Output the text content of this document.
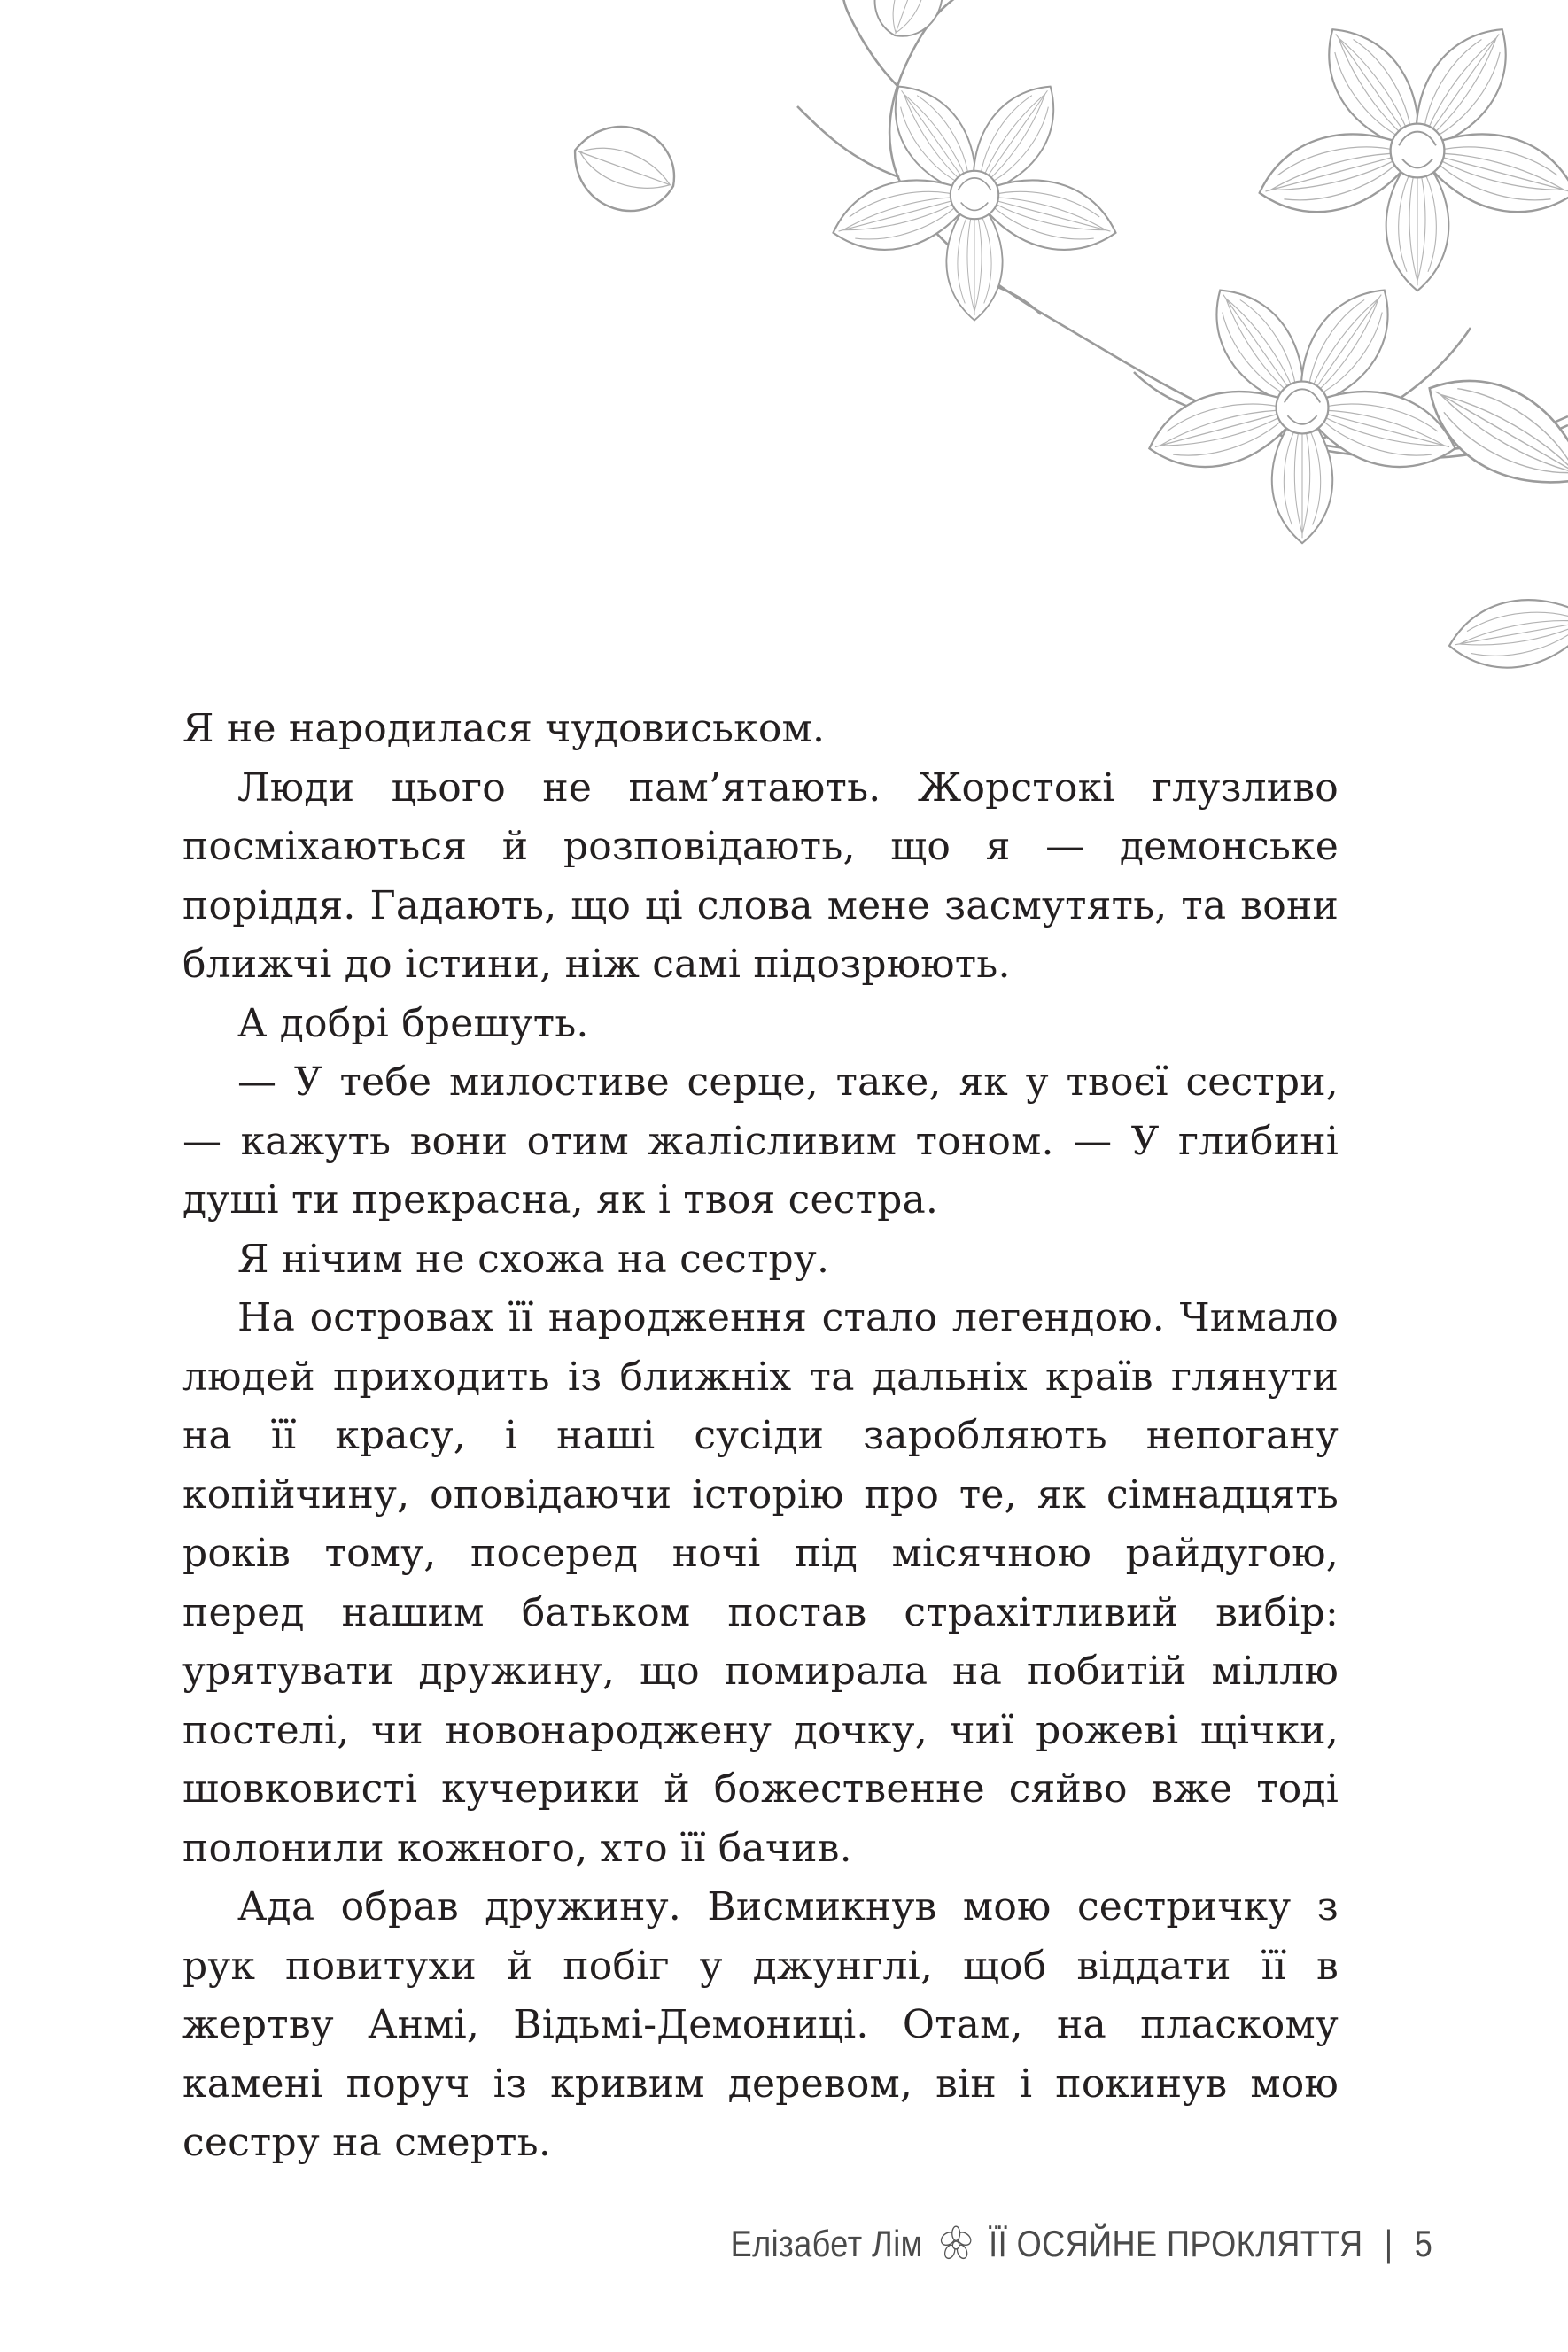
Я не народилася чудовиськом.

Люди цього не пам’ятають. Жорстокі глузливо посміхаються й розповідають, що я — демонське поріддя. Гадають, що ці слова мене засмутять, та вони ближчі до істини, ніж самі підозрюють.

А добрі брешуть.

— У тебе милостиве серце, таке, як у твоєї сестри, — кажуть вони отим жалісливим тоном. — У глибині душі ти прекрасна, як і твоя сестра.

Я нічим не схожа на сестру.

На островах її народження стало легендою. Чимало людей приходить із ближніх та дальніх країв глянути на її красу, і наші сусіди заробляють непогану копійчину, оповідаючи історію про те, як сімнадцять років тому, посеред ночі під місячною райдугою, перед нашим батьком постав страхітливий вибір: урятувати дружину, що помирала на побитій міллю постелі, чи новонароджену дочку, чиї рожеві щічки, шовковисті кучерики й божественне сяйво вже тоді полонили кожного, хто її бачив.

Ада обрав дружину. Висмикнув мою сестричку з рук повитухи й побіг у джунглі, щоб віддати її в жертву Анмі, Відьмі-Демониці. Отам, на пласкому камені поруч із кривим деревом, він і покинув мою сестру на смерть.

Елізабет Лім ЇЇ ОСЯЙНЕ ПРОКЛЯТТЯ | 5
